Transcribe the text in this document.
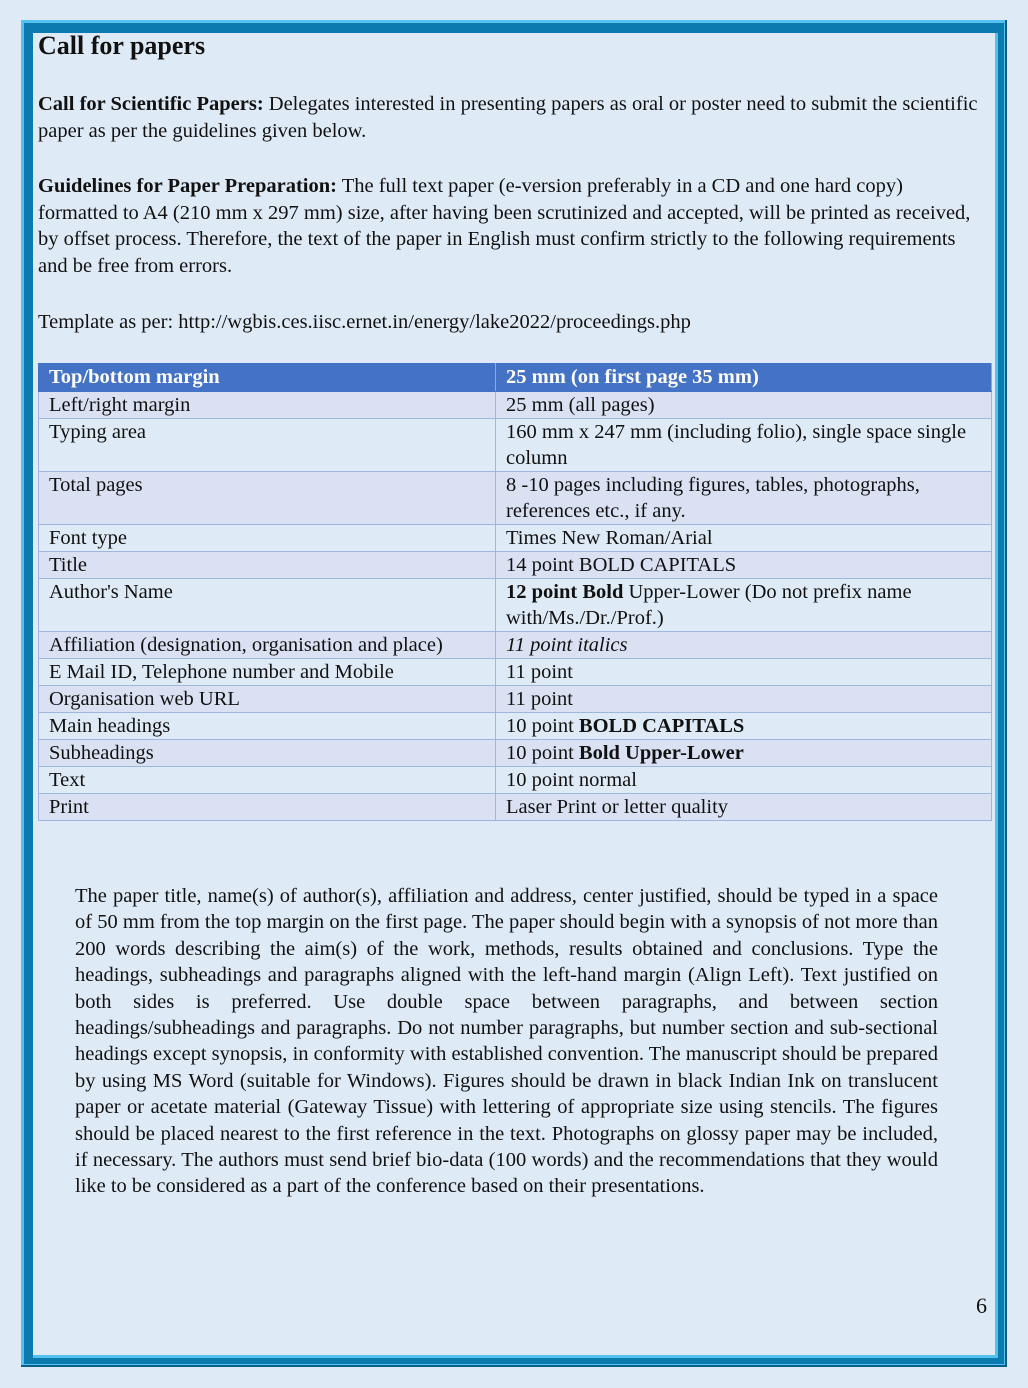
Call for papers

Call for Scientific Papers: Delegates interested in presenting papers as oral or poster need to submit the scientific paper as per the guidelines given below.

Guidelines for Paper Preparation: The full text paper (e-version preferably in a CD and one hard copy) formatted to A4 (210 mm x 297 mm) size, after having been scrutinized and accepted, will be printed as received, by offset process. Therefore, the text of the paper in English must confirm strictly to the following requirements and be free from errors.

Template as per: http://wgbis.ces.iisc.ernet.in/energy/lake2022/proceedings.php

Top/bottom margin	25 mm (on first page 35 mm)
Left/right margin	25 mm (all pages)
Typing area	160 mm x 247 mm (including folio), single space single column
Total pages	8 -10 pages including figures, tables, photographs, references etc., if any.
Font type	Times New Roman/Arial
Title	14 point BOLD CAPITALS
Author's Name	12 point Bold Upper-Lower (Do not prefix name with/Ms./Dr./Prof.)
Affiliation (designation, organisation and place)	11 point italics
E Mail ID, Telephone number and Mobile	11 point
Organisation web URL	11 point
Main headings	10 point BOLD CAPITALS
Subheadings	10 point Bold Upper-Lower
Text	10 point normal
Print	Laser Print or letter quality

The paper title, name(s) of author(s), affiliation and address, center justified, should be typed in a space of 50 mm from the top margin on the first page. The paper should begin with a synopsis of not more than 200 words describing the aim(s) of the work, methods, results obtained and conclusions. Type the headings, subheadings and paragraphs aligned with the left-hand margin (Align Left). Text justified on both sides is preferred. Use double space between paragraphs, and between section headings/subheadings and paragraphs. Do not number paragraphs, but number section and sub-sectional headings except synopsis, in conformity with established convention. The manuscript should be prepared by using MS Word (suitable for Windows). Figures should be drawn in black Indian Ink on translucent paper or acetate material (Gateway Tissue) with lettering of appropriate size using stencils. The figures should be placed nearest to the first reference in the text. Photographs on glossy paper may be included, if necessary. The authors must send brief bio-data (100 words) and the recommendations that they would like to be considered as a part of the conference based on their presentations.

6
